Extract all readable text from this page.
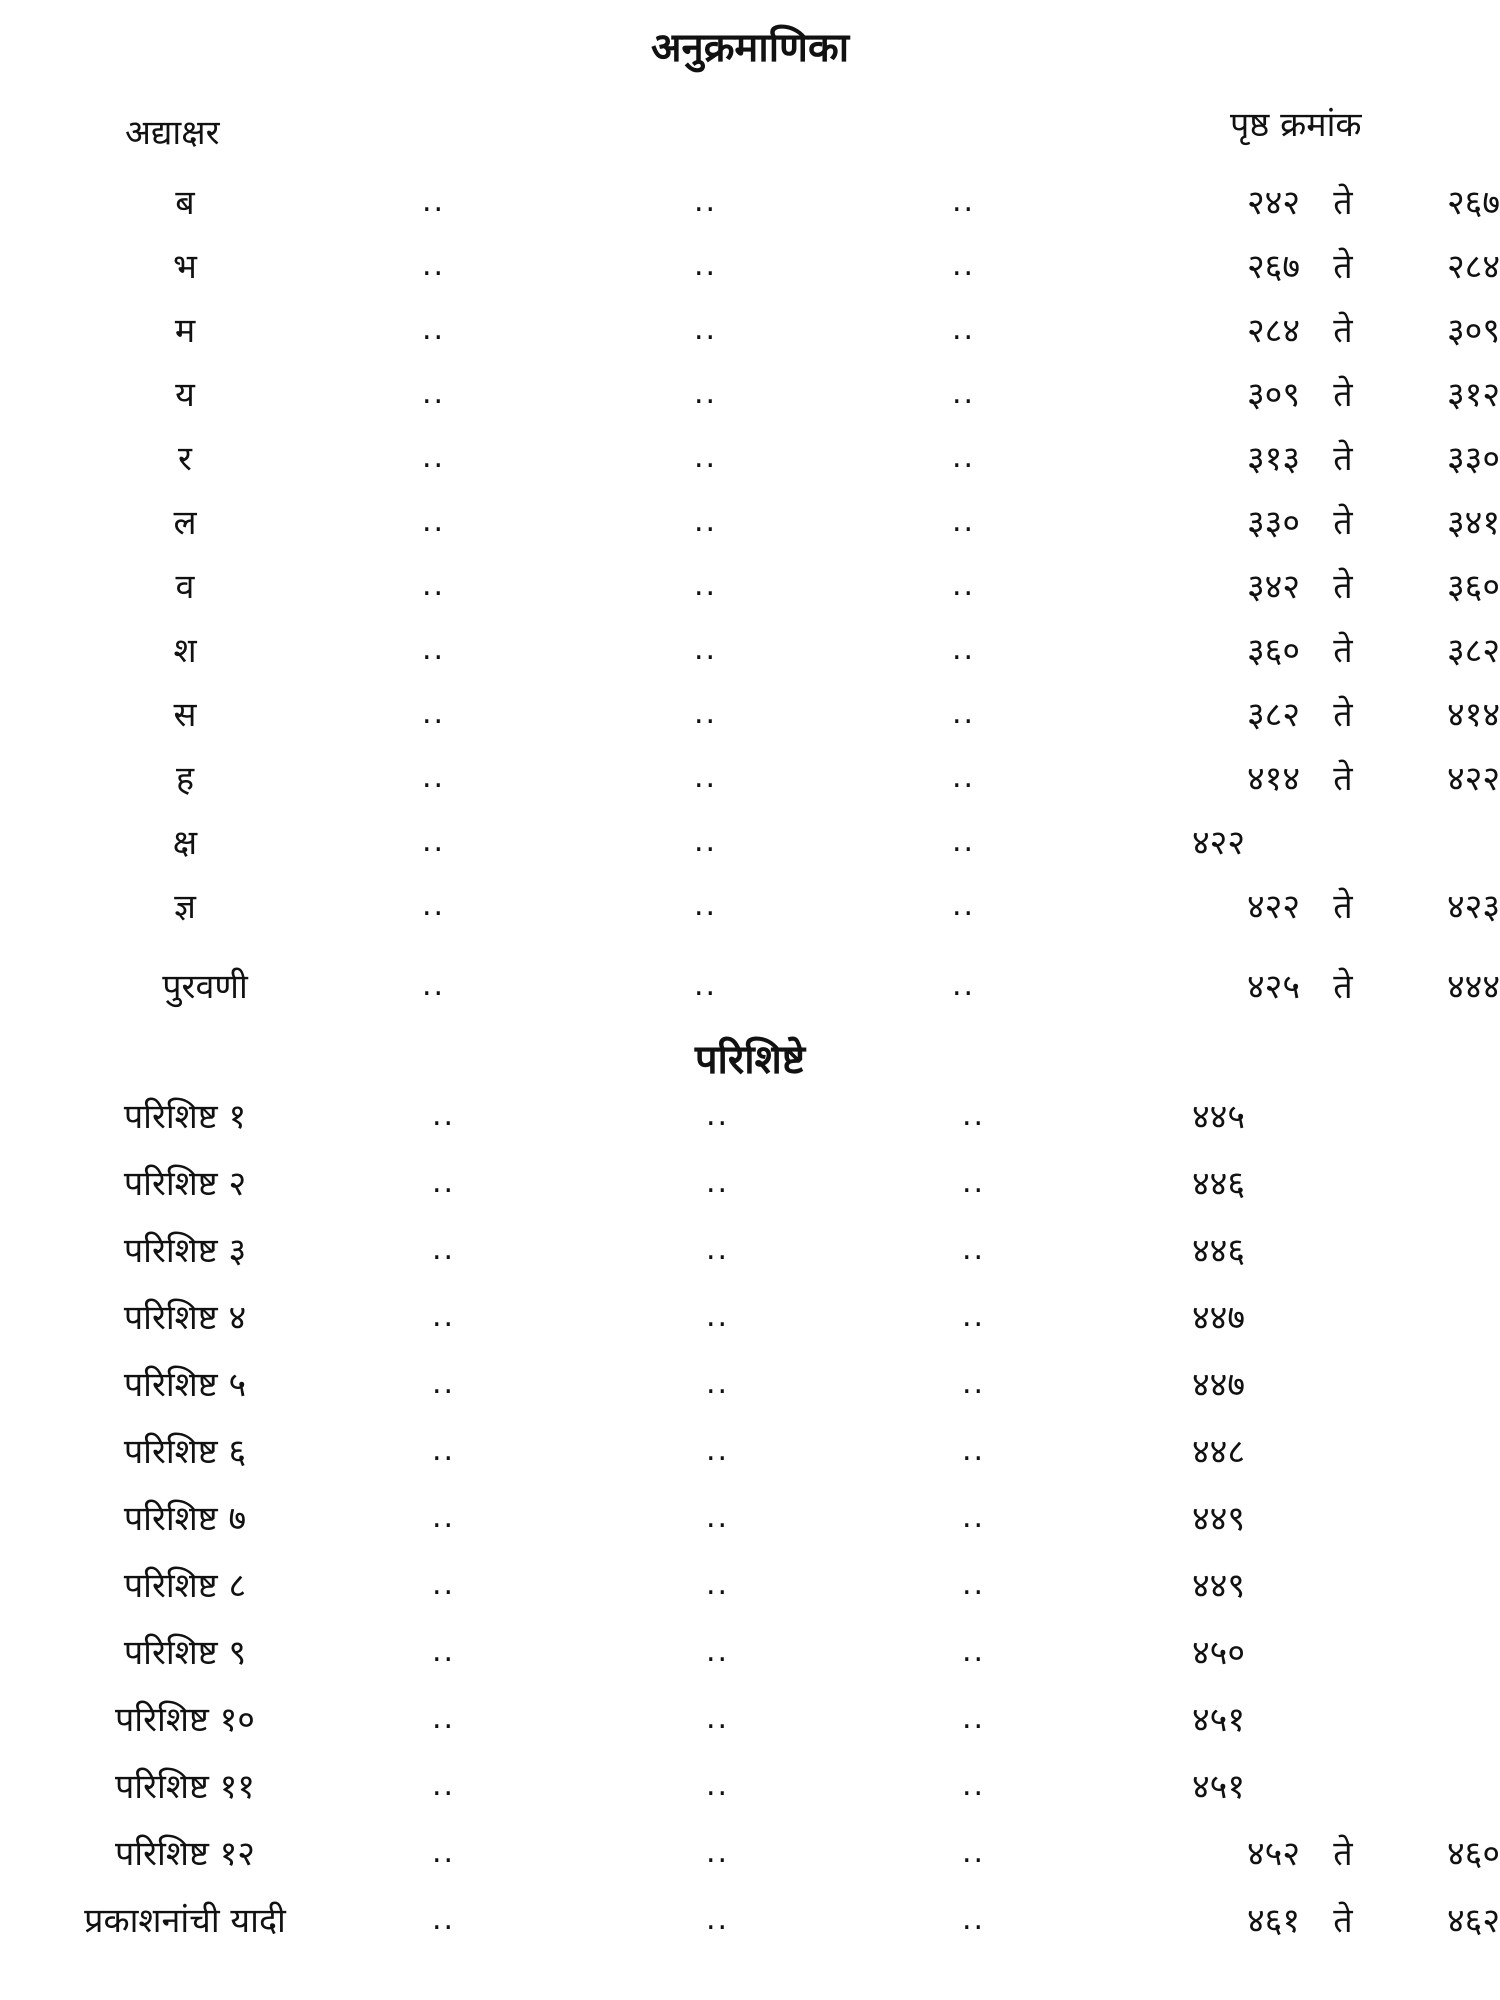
अनुक्रमाणिका
अद्याक्षर	पृष्ठ क्रमांक
ब	..	..	..	२४२ ते	२६७
भ	..	..	..	२६७ ते	२८४
म	..	..	..	२८४ ते	३०९
य	..	..	..	३०९ ते	३१२
र	..	..	..	३१३ ते	३३०
ल	..	..	..	३३० ते	३४१
व	..	..	..	३४२ ते	३६०
श	..	..	..	३६० ते	३८२
स	..	..	..	३८२ ते	४१४
ह	..	..	..	४१४ ते	४२२
क्ष	..	..	..	४२२
ज्ञ	..	..	..	४२२ ते	४२३
पुरवणी	..	..	..	४२५ ते	४४४
परिशिष्टे
परिशिष्ट १	..	..	..	४४५
परिशिष्ट २	..	..	..	४४६
परिशिष्ट ३	..	..	..	४४६
परिशिष्ट ४	..	..	..	४४७
परिशिष्ट ५	..	..	..	४४७
परिशिष्ट ६	..	..	..	४४८
परिशिष्ट ७	..	..	..	४४९
परिशिष्ट ८	..	..	..	४४९
परिशिष्ट ९	..	..	..	४५०
परिशिष्ट १०	..	..	..	४५१
परिशिष्ट ११	..	..	..	४५१
परिशिष्ट १२	..	..	..	४५२ ते	४६०
प्रकाशनांची यादी	..	..	..	४६१ ते	४६२
